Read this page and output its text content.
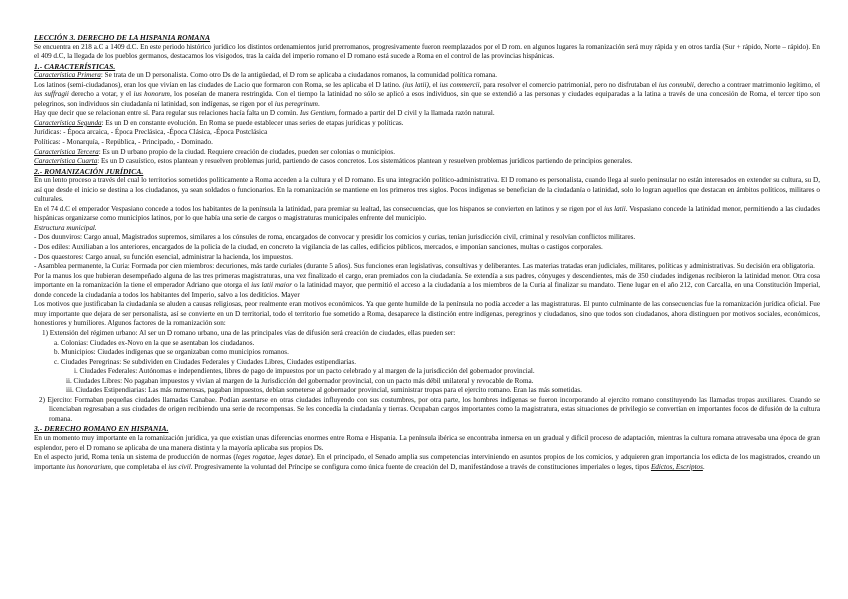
LECCIÓN 3. DERECHO DE LA HISPANIA ROMANA

Se encuentra en 218 a.C a 1409 d.C. En este periodo histórico jurídico los distintos ordenamientos jurid prerromanos, progresivamente fueron reemplazados por el D rom. en algunos lugares la romanización será muy rápida y en otros tardía (Sur + rápido, Norte – rápido). En el 409 d.C, la llegada de los pueblos germanos, destacamos los visigodos, tras la caída del imperio romano el D romano está sucede a Roma en el control de las provincias hispánicas.

1.- CARACTERÍSTICAS.

Característica Primera: Se trata de un D personalista. Como otro Ds de la antigüedad, el D rom se aplicaba a ciudadanos romanos, la comunidad política romana.

Los latinos (semi-ciudadanos), eran los que vivían en las ciudades de Lacio que formaron con Roma, se les aplicaba el D latino. (ius latii), el ius commercii, para resolver el comercio patrimonial, pero no disfrutaban el ius connubii, derecho a contraer matrimonio legítimo, el ius suffragii derecho a votar, y el ius honorum, los poseían de manera restringida. Con el tiempo la latinidad no sólo se aplicó a esos individuos, sin que se extendió a las personas y ciudades equiparadas a la latina a través de una concesión de Roma, el tercer tipo son pelegrinos, son individuos sin ciudadanía ni latinidad, son indígenas, se rigen por el ius peregrinum.

Hay que decir que se relacionan entre sí. Para regular sus relaciones hacía falta un D común. Ius Gentium, formado a partir del D civil y la llamada razón natural.

Característica Segunda: Es un D en constante evolución. En Roma se puede establecer unas series de etapas jurídicas y políticas.

Jurídicas: - Época arcaica, - Época Preclásica, -Época Clásica, -Época Postclásica

Políticas: - Monarquía, - República, - Principado, - Dominado.

Característica Tercera: Es un D urbano propio de la ciudad. Requiere creación de ciudades, pueden ser colonias o municipios.

Característica Cuarta: Es un D casuístico, estos plantean y resuelven problemas jurid, partiendo de casos concretos. Los sistemáticos plantean y resuelven problemas jurídicos partiendo de principios generales.

2.- ROMANIZACIÓN JURÍDICA.

En un lento proceso a través del cual lo territorios sometidos políticamente a Roma acceden a la cultura y el D romano. Es una integración político-administrativa. El D romano es personalista, cuando llega al suelo peninsular no están interesados en extender su cultura, su D, así que desde el inicio se destina a los ciudadanos, ya sean soldados o funcionarios. En la romanización se mantiene en los primeros tres siglos. Pocos indígenas se benefician de la ciudadanía o latinidad, solo lo logran aquellos que destacan en ámbitos políticos, militares o culturales.

En el 74 d.C el emperador Vespasiano concede a todos los habitantes de la península la latinidad, para premiar su lealtad, las consecuencias, que los hispanos se convierten en latinos y se rigen por el ius latii. Vespasiano concede la latinidad menor, permitiendo a las ciudades hispánicas organizarse como municipios latinos, por lo que había una serie de cargos o magistraturas municipales enfrente del municipio.

Estructura municipal.

- Dos duunviros: Cargo anual, Magistrados supremos, similares a los cónsules de roma, encargados de convocar y presidir los comicios y curias, tenían jurisdicción civil, criminal y resolvían conflictos militares.

- Dos ediles: Auxiliaban a los anteriores, encargados de la policía de la ciudad, en concreto la vigilancia de las calles, edificios públicos, mercados, e imponían sanciones, multas o castigos corporales.

- Dos quaestores: Cargo anual, su función esencial, administrar la hacienda, los impuestos.

- Asamblea permanente, la Curia: Formada por cien miembros: decuriones, más tarde curiales (durante 5 años). Sus funciones eran legislativas, consultivas y deliberantes. Las materias tratadas eran judiciales, militares, políticas y administrativas. Su decisión era obligatoria.

Por la manus los que hubieran desempeñado alguna de las tres primeras magistraturas, una vez finalizado el cargo, eran premiados con la ciudadanía. Se extendía a sus padres, cónyuges y descendientes, más de 350 ciudades indígenas recibieron la latinidad menor. Otra cosa importante en la romanización la tiene el emperador Adriano que otorga el ius latii maior o la latinidad mayor, que permitió el acceso a la ciudadanía a los miembros de la Curia al finalizar su mandato. Tiene lugar en el año 212, con Carcalla, en una Constitución Imperial, donde concede la ciudadanía a todos los habitantes del Imperio, salvo a los deditícios. Mayer

Los motivos que justificaban la ciudadanía se aluden a causas religiosas, peor realmente eran motivos económicos. Ya que gente humilde de la península no podía acceder a las magistraturas. El punto culminante de las consecuencias fue la romanización jurídica oficial. Fue muy importante que dejara de ser personalista, así se convierte en un D territorial, todo el territorio fue sometido a Roma, desaparece la distinción entre indígenas, peregrinos y ciudadanos, sino que todos son ciudadanos, ahora distinguen por motivos sociales, económicos, honestiores y humiliores. Algunos factores de la romanización son:

1) Extensión del régimen urbano: Al ser un D romano urbano, una de las principales vías de difusión será creación de ciudades, ellas pueden ser:

a. Colonias: Ciudades ex-Novo en la que se asentaban los ciudadanos.

b. Municipios: Ciudades indígenas que se organizaban como municipios romanos.

c. Ciudades Peregrinas: Se subdividen en Ciudades Federales y Ciudades Libres, Ciudades estipendiarías.

i. Ciudades Federales: Autónomas e independientes, libres de pago de impuestos por un pacto celebrado y al margen de la jurisdicción del gobernador provincial.

ii. Ciudades Libres: No pagaban impuestos y vivían al margen de la Jurisdicción del gobernador provincial, con un pacto más débil unilateral y revocable de Roma.

iii. Ciudades Estipendiarias: Las más numerosas, pagaban impuestos, debían someterse al gobernador provincial, suministrar tropas para el ejercito romano. Eran las más sometidas.

2) Ejercito: Formaban pequeñas ciudades llamadas Canabae. Podían asentarse en otras ciudades influyendo con sus costumbres, por otra parte, los hombres indígenas se fueron incorporando al ejercito romano constituyendo las llamadas tropas auxiliares. Cuando se licenciaban regresaban a sus ciudades de origen recibiendo una serie de recompensas. Se les concedía la ciudadanía y tierras. Ocupaban cargos importantes como la magistratura, estas situaciones de privilegio se convertían en importantes focos de difusión de la cultura romana.

3.- DERECHO ROMANO EN HISPANIA.

En un momento muy importante en la romanización jurídica, ya que existían unas diferencias enormes entre Roma e Hispania. La península ibérica se encontraba inmersa en un gradual y difícil proceso de adaptación, mientras la cultura romana atravesaba una época de gran esplendor, pero el D romano se aplicaba de una manera distinta y la mayoría aplicaba sus propios Ds.

En el aspecto jurid, Roma tenía un sistema de producción de normas (leges rogatae, leges datae). En el principado, el Senado amplia sus competencias interviniendo en asuntos propios de los comicios, y adquieren gran importancia los edicta de los magistrados, creando un importante ius honorarium, que completaba el ius civil. Progresivamente la voluntad del Príncipe se configura como única fuente de creación del D, manifestándose a través de constituciones imperiales o leges, tipos Edictos, Escriptos.
